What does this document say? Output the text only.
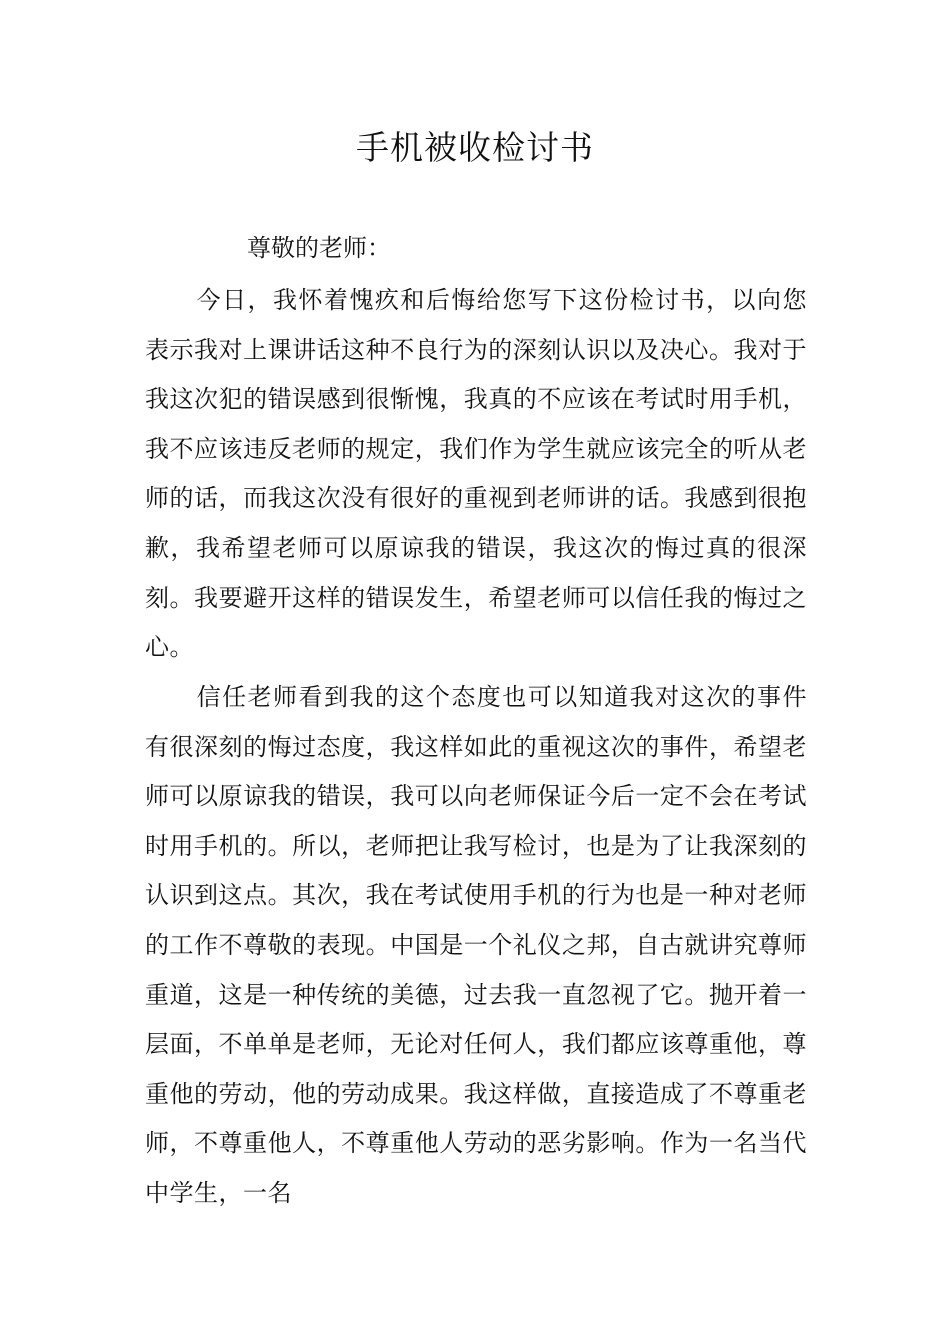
手机被收检讨书
尊敬的老师：

今日，我怀着愧疚和后悔给您写下这份检讨书，以向您表示我对上课讲话这种不良行为的深刻认识以及决心。我对于我这次犯的错误感到很惭愧，我真的不应该在考试时用手机，我不应该违反老师的规定，我们作为学生就应该完全的听从老师的话，而我这次没有很好的重视到老师讲的话。我感到很抱歉，我希望老师可以原谅我的错误，我这次的悔过真的很深刻。我要避开这样的错误发生，希望老师可以信任我的悔过之心。

信任老师看到我的这个态度也可以知道我对这次的事件有很深刻的悔过态度，我这样如此的重视这次的事件，希望老师可以原谅我的错误，我可以向老师保证今后一定不会在考试时用手机的。所以，老师把让我写检讨，也是为了让我深刻的认识到这点。其次，我在考试使用手机的行为也是一种对老师的工作不尊敬的表现。中国是一个礼仪之邦，自古就讲究尊师重道，这是一种传统的美德，过去我一直忽视了它。抛开着一层面，不单单是老师，无论对任何人，我们都应该尊重他，尊重他的劳动，他的劳动成果。我这样做，直接造成了不尊重老师，不尊重他人，不尊重他人劳动的恶劣影响。作为一名当代中学生，一名
